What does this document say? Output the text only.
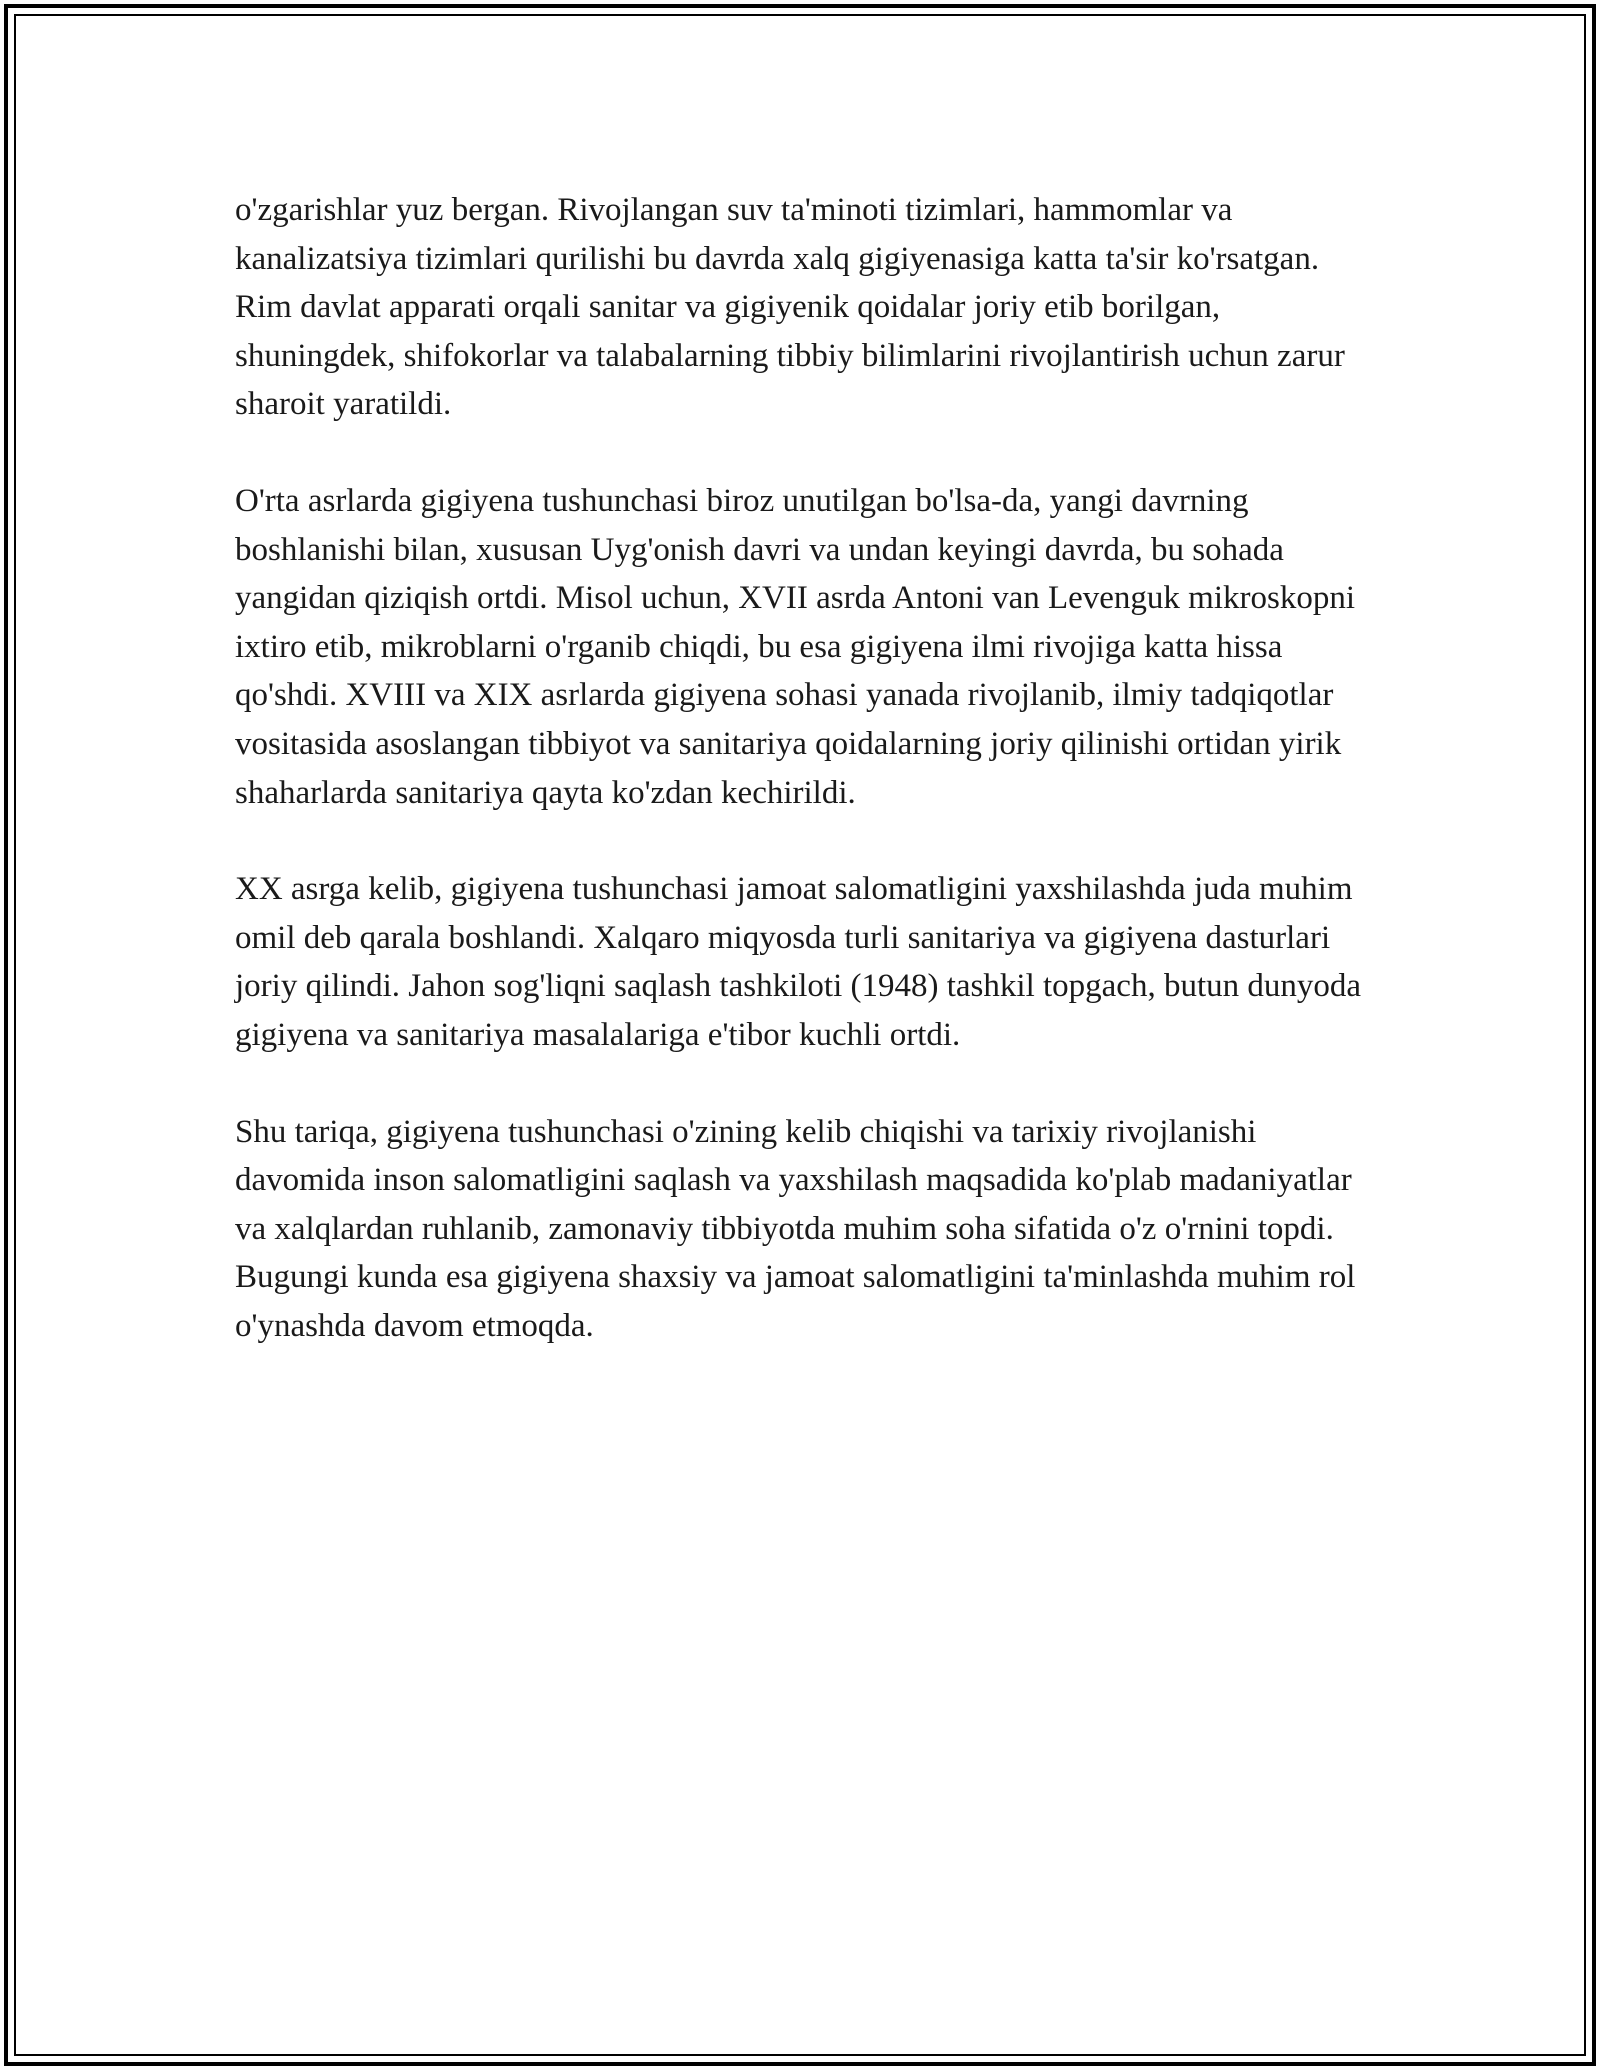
o'zgarishlar yuz bergan. Rivojlangan suv ta'minoti tizimlari, hammomlar va kanalizatsiya tizimlari qurilishi bu davrda xalq gigiyenasiga katta ta'sir ko'rsatgan. Rim davlat apparati orqali sanitar va gigiyenik qoidalar joriy etib borilgan, shuningdek, shifokorlar va talabalarning tibbiy bilimlarini rivojlantirish uchun zarur sharoit yaratildi.

O'rta asrlarda gigiyena tushunchasi biroz unutilgan bo'lsa-da, yangi davrning boshlanishi bilan, xususan Uyg'onish davri va undan keyingi davrda, bu sohada yangidan qiziqish ortdi. Misol uchun, XVII asrda Antoni van Levenguk mikroskopni ixtiro etib, mikroblarni o'rganib chiqdi, bu esa gigiyena ilmi rivojiga katta hissa qo'shdi. XVIII va XIX asrlarda gigiyena sohasi yanada rivojlanib, ilmiy tadqiqotlar vositasida asoslangan tibbiyot va sanitariya qoidalarning joriy qilinishi ortidan yirik shaharlarda sanitariya qayta ko'zdan kechirildi.

XX asrga kelib, gigiyena tushunchasi jamoat salomatligini yaxshilashda juda muhim omil deb qarala boshlandi. Xalqaro miqyosda turli sanitariya va gigiyena dasturlari joriy qilindi. Jahon sog'liqni saqlash tashkiloti (1948) tashkil topgach, butun dunyoda gigiyena va sanitariya masalalariga e'tibor kuchli ortdi.

Shu tariqa, gigiyena tushunchasi o'zining kelib chiqishi va tarixiy rivojlanishi davomida inson salomatligini saqlash va yaxshilash maqsadida ko'plab madaniyatlar va xalqlardan ruhlanib, zamonaviy tibbiyotda muhim soha sifatida o'z o'rnini topdi. Bugungi kunda esa gigiyena shaxsiy va jamoat salomatligini ta'minlashda muhim rol o'ynashda davom etmoqda.
